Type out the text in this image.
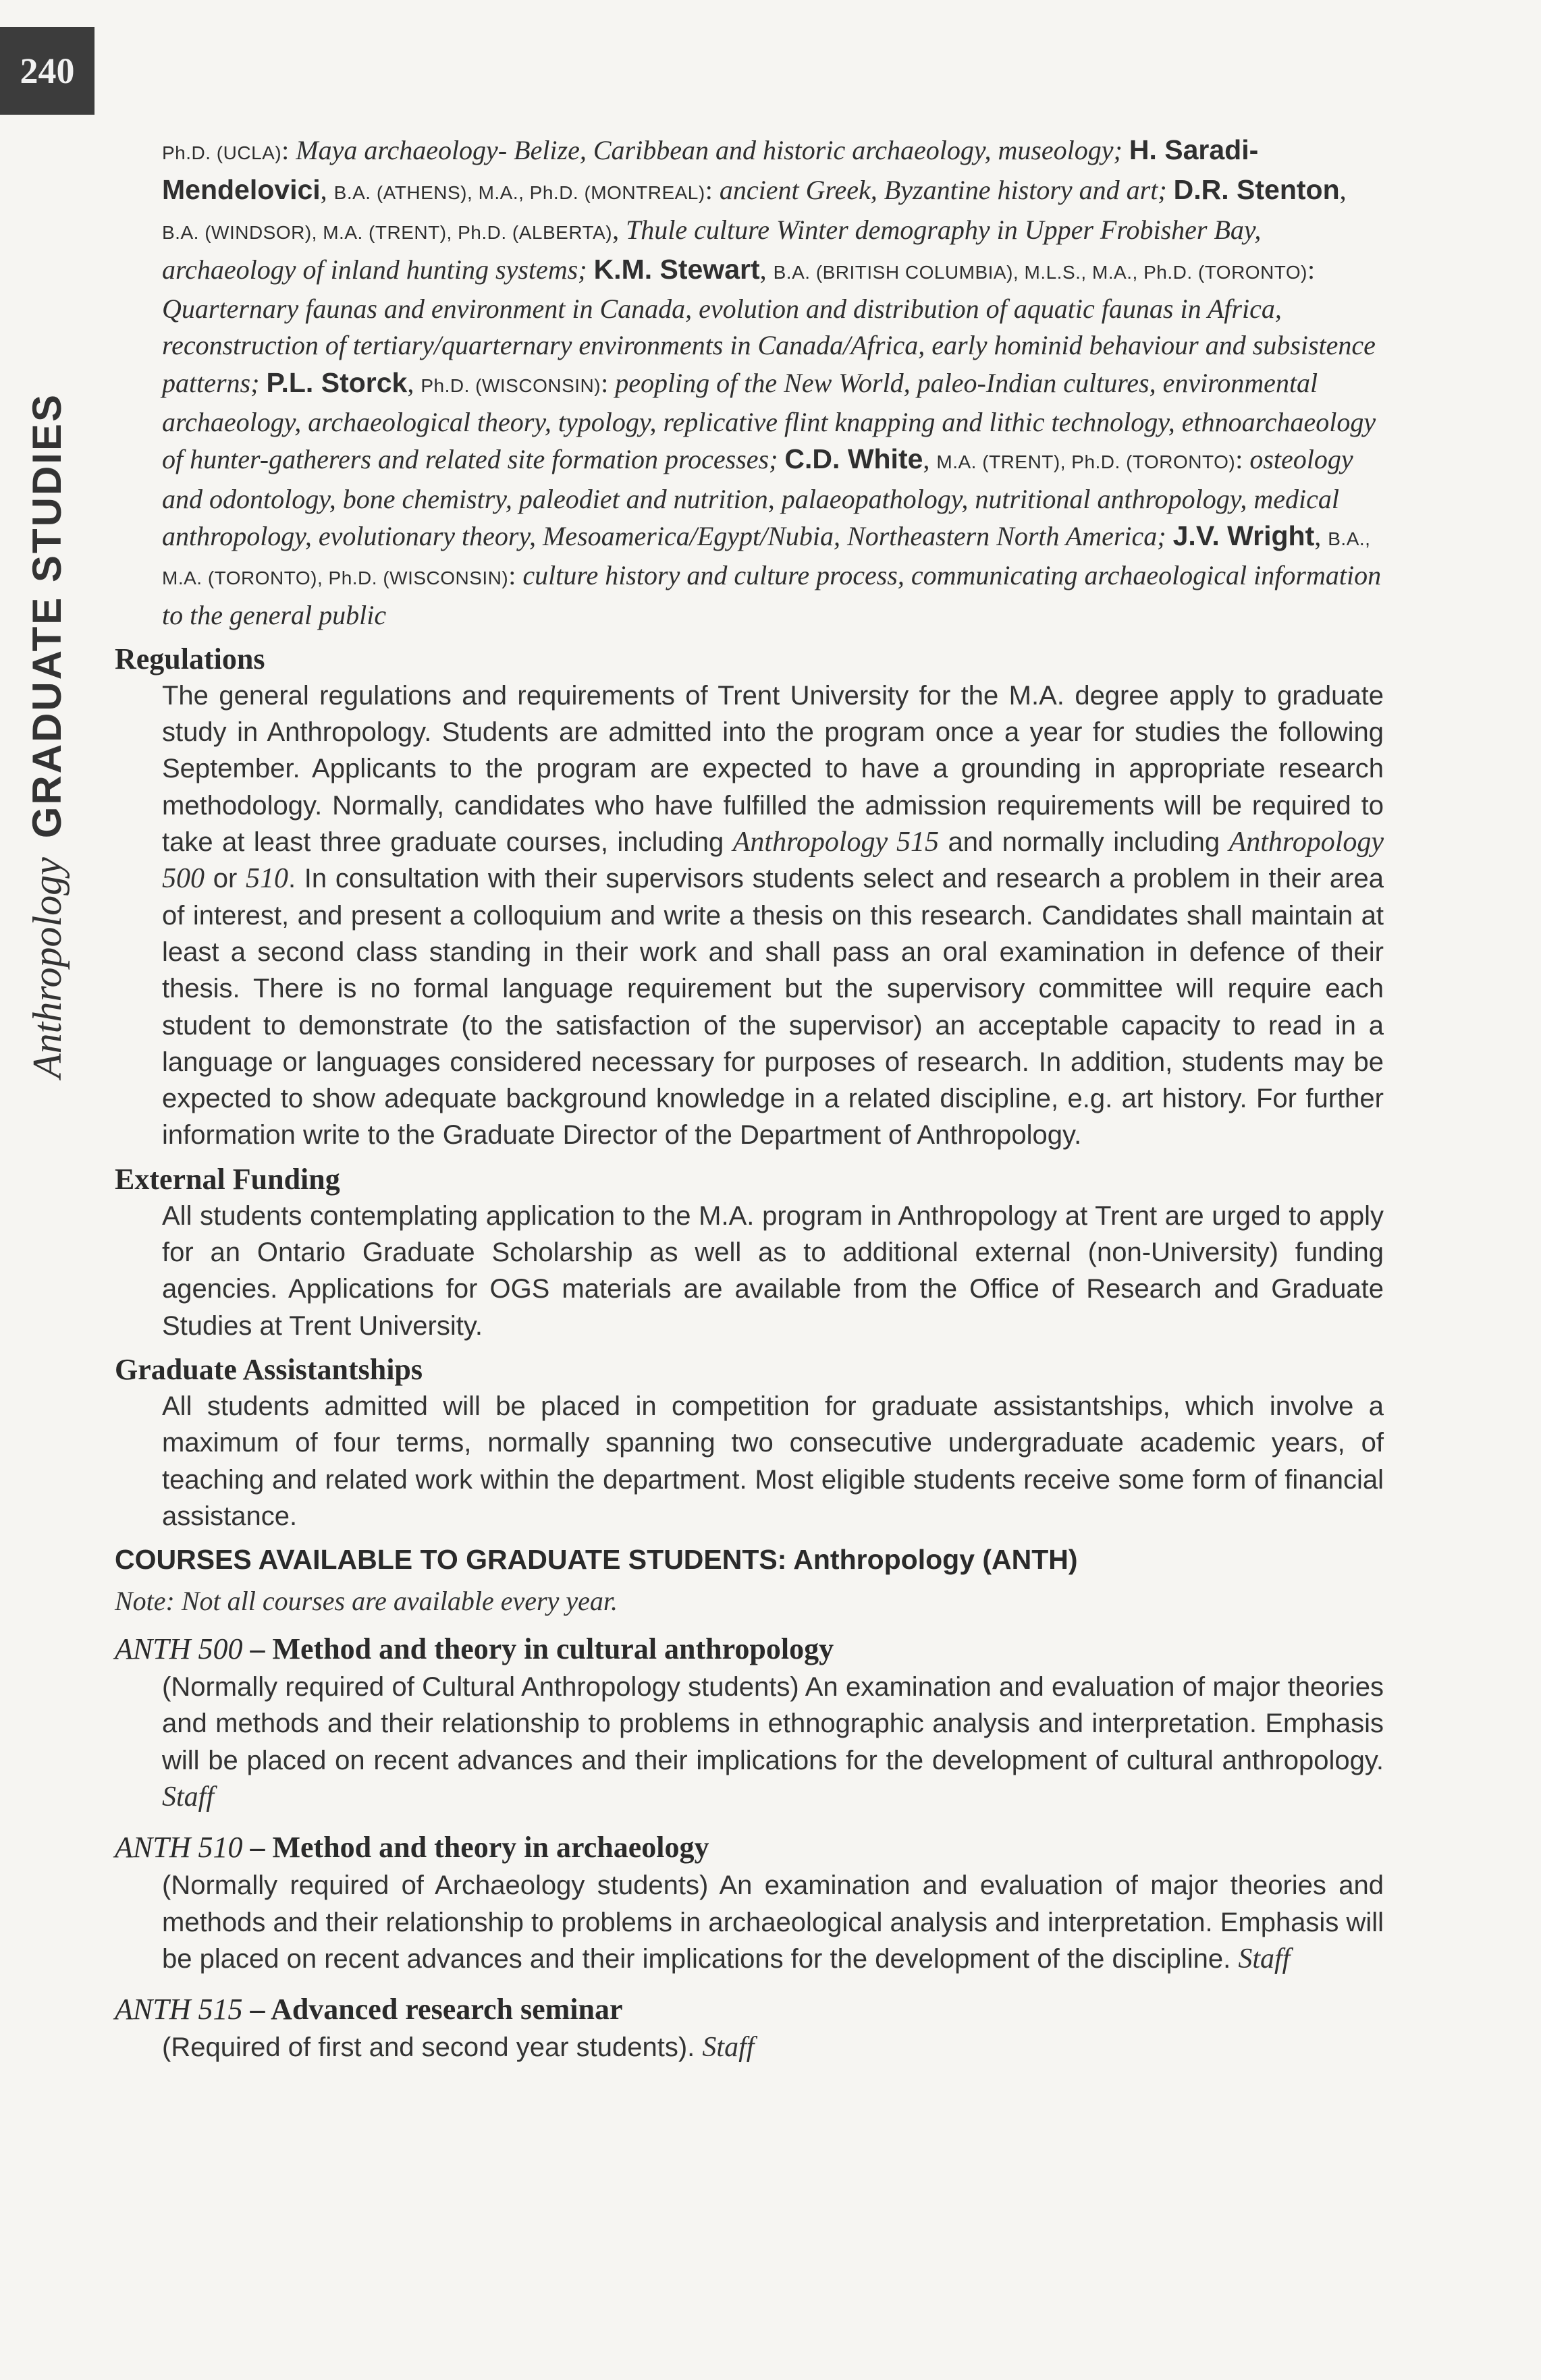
240
AnthropologyGRADUATE STUDIES
Ph.D. (UCLA): Maya archaeology- Belize, Caribbean and historic archaeology, museology; H. Saradi-Mendelovici, B.A. (ATHENS), M.A., Ph.D. (MONTREAL): ancient Greek, Byzantine history and art; D.R. Stenton, B.A. (WINDSOR), M.A. (TRENT), Ph.D. (ALBERTA), Thule culture Winter demography in Upper Frobisher Bay, archaeology of inland hunting systems; K.M. Stewart, B.A. (BRITISH COLUMBIA), M.L.S., M.A., Ph.D. (TORONTO): Quarternary faunas and environment in Canada, evolution and distribution of aquatic faunas in Africa, reconstruction of tertiary/quarternary environments in Canada/Africa, early hominid behaviour and subsistence patterns; P.L. Storck, Ph.D. (WISCONSIN): peopling of the New World, paleo-Indian cultures, environmental archaeology, archaeological theory, typology, replicative flint knapping and lithic technology, ethnoarchaeology of hunter-gatherers and related site formation processes; C.D. White, M.A. (TRENT), Ph.D. (TORONTO): osteology and odontology, bone chemistry, paleodiet and nutrition, palaeopathology, nutritional anthropology, medical anthropology, evolutionary theory, Mesoamerica/Egypt/Nubia, Northeastern North America; J.V. Wright, B.A., M.A. (TORONTO), Ph.D. (WISCONSIN): culture history and culture process, communicating archaeological information to the general public
Regulations
The general regulations and requirements of Trent University for the M.A. degree apply to graduate study in Anthropology. Students are admitted into the program once a year for studies the following September. Applicants to the program are expected to have a grounding in appropriate research methodology. Normally, candidates who have fulfilled the admission requirements will be required to take at least three graduate courses, including Anthropology 515 and normally including Anthropology 500 or 510. In consultation with their supervisors students select and research a problem in their area of interest, and present a colloquium and write a thesis on this research. Candidates shall maintain at least a second class standing in their work and shall pass an oral examination in defence of their thesis. There is no formal language requirement but the supervisory committee will require each student to demonstrate (to the satisfaction of the supervisor) an acceptable capacity to read in a language or languages considered necessary for purposes of research. In addition, students may be expected to show adequate background knowledge in a related discipline, e.g. art history. For further information write to the Graduate Director of the Department of Anthropology.
External Funding
All students contemplating application to the M.A. program in Anthropology at Trent are urged to apply for an Ontario Graduate Scholarship as well as to additional external (non-University) funding agencies. Applications for OGS materials are available from the Office of Research and Graduate Studies at Trent University.
Graduate Assistantships
All students admitted will be placed in competition for graduate assistantships, which involve a maximum of four terms, normally spanning two consecutive undergraduate academic years, of teaching and related work within the department. Most eligible students receive some form of financial assistance.
COURSES AVAILABLE TO GRADUATE STUDENTS: Anthropology (ANTH)
Note: Not all courses are available every year.
ANTH 500 – Method and theory in cultural anthropology
(Normally required of Cultural Anthropology students) An examination and evaluation of major theories and methods and their relationship to problems in ethnographic analysis and interpretation. Emphasis will be placed on recent advances and their implications for the development of cultural anthropology. Staff
ANTH 510 – Method and theory in archaeology
(Normally required of Archaeology students) An examination and evaluation of major theories and methods and their relationship to problems in archaeological analysis and interpretation. Emphasis will be placed on recent advances and their implications for the development of the discipline. Staff
ANTH 515 – Advanced research seminar
(Required of first and second year students). Staff
